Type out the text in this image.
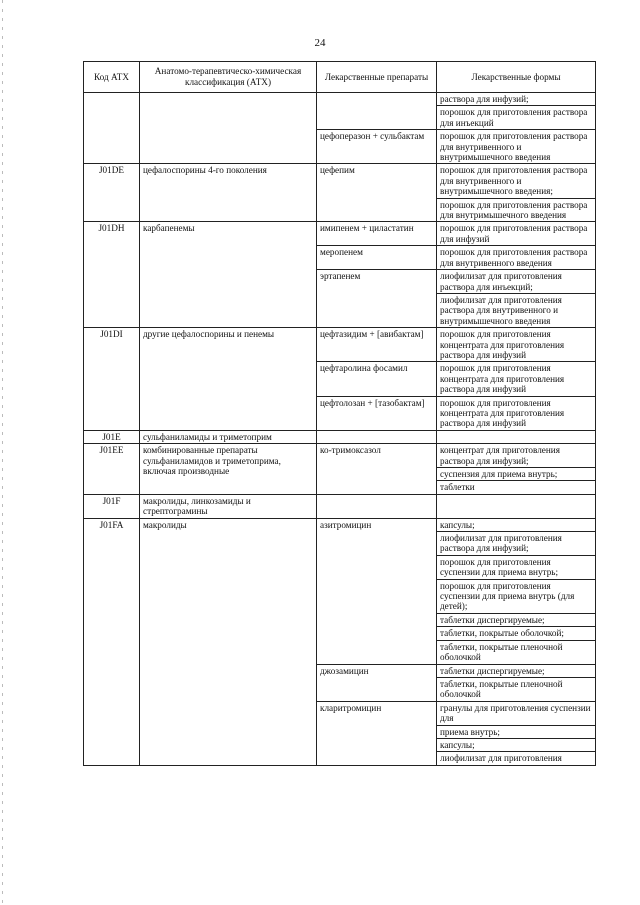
24
Код АТХ	Анатомо-терапевтическо-химическая классификация (АТХ)	Лекарственные препараты	Лекарственные формы
			раствора для инфузий;
			порошок для приготовления раствора для инъекций
		цефоперазон + сульбактам	порошок для приготовления раствора для внутривенного и внутримышечного введения
J01DE	цефалоспорины 4-го поколения	цефепим	порошок для приготовления раствора для внутривенного и внутримышечного введения;
			порошок для приготовления раствора для внутримышечного введения
J01DH	карбапенемы	имипенем + циластатин	порошок для приготовления раствора для инфузий
		меропенем	порошок для приготовления раствора для внутривенного введения
		эртапенем	лиофилизат для приготовления раствора для инъекций;
			лиофилизат для приготовления раствора для внутривенного и внутримышечного введения
J01DI	другие цефалоспорины и пенемы	цефтазидим + [авибактам]	порошок для приготовления концентрата для приготовления раствора для инфузий
		цефтаролина фосамил	порошок для приготовления концентрата для приготовления раствора для инфузий
		цефтолозан + [тазобактам]	порошок для приготовления концентрата для приготовления раствора для инфузий
J01E	сульфаниламиды и триметоприм		
J01EE	комбинированные препараты сульфаниламидов и триметоприма, включая производные	ко-тримоксазол	концентрат для приготовления раствора для инфузий;
			суспензия для приема внутрь;
			таблетки
J01F	макролиды, линкозамиды и стрептограмины		
J01FA	макролиды	азитромицин	капсулы;
			лиофилизат для приготовления раствора для инфузий;
			порошок для приготовления суспензии для приема внутрь;
			порошок для приготовления суспензии для приема внутрь (для детей);
			таблетки диспергируемые;
			таблетки, покрытые оболочкой;
			таблетки, покрытые пленочной оболочкой
		джозамицин	таблетки диспергируемые;
			таблетки, покрытые пленочной оболочкой
		кларитромицин	гранулы для приготовления суспензии для
			приема внутрь;
			капсулы;
			лиофилизат для приготовления
